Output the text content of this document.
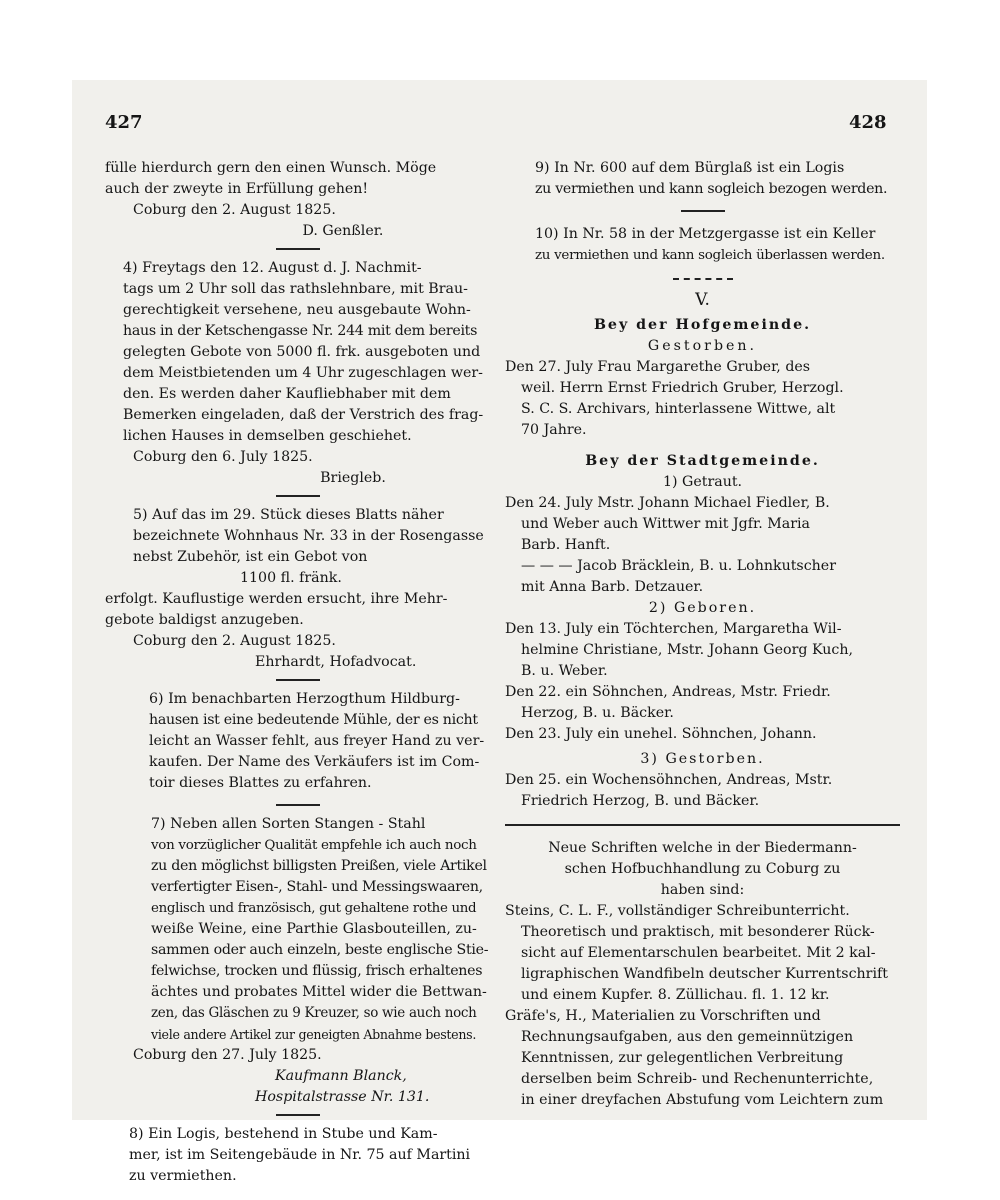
427	428
fülle hierdurch gern den einen Wunsch. Möge
auch der zweyte in Erfüllung gehen!
Coburg den 2. August 1825.
D. Genßler.
4) Freytags den 12. August d. J. Nachmit-
tags um 2 Uhr soll das rathslehnbare, mit Brau-
gerechtigkeit versehene, neu ausgebaute Wohn-
haus in der Ketschengasse Nr. 244 mit dem bereits
gelegten Gebote von 5000 fl. frk. ausgeboten und
dem Meistbietenden um 4 Uhr zugeschlagen wer-
den. Es werden daher Kaufliebhaber mit dem
Bemerken eingeladen, daß der Verstrich des frag-
lichen Hauses in demselben geschiehet.
Coburg den 6. July 1825.
Briegleb.
5) Auf das im 29. Stück dieses Blatts näher
bezeichnete Wohnhaus Nr. 33 in der Rosengasse
nebst Zubehör, ist ein Gebot von
1100 fl. fränk.
erfolgt. Kauflustige werden ersucht, ihre Mehr-
gebote baldigst anzugeben.
Coburg den 2. August 1825.
Ehrhardt, Hofadvocat.
6) Im benachbarten Herzogthum Hildburg-
hausen ist eine bedeutende Mühle, der es nicht
leicht an Wasser fehlt, aus freyer Hand zu ver-
kaufen. Der Name des Verkäufers ist im Com-
toir dieses Blattes zu erfahren.
7) Neben allen Sorten Stangen - Stahl
von vorzüglicher Qualität empfehle ich auch noch
zu den möglichst billigsten Preißen, viele Artikel
verfertigter Eisen-, Stahl- und Messingswaaren,
englisch und französisch, gut gehaltene rothe und
weiße Weine, eine Parthie Glasbouteillen, zu-
sammen oder auch einzeln, beste englische Stie-
felwichse, trocken und flüssig, frisch erhaltenes
ächtes und probates Mittel wider die Bettwan-
zen, das Gläschen zu 9 Kreuzer, so wie auch noch
viele andere Artikel zur geneigten Abnahme bestens.
Coburg den 27. July 1825.
Kaufmann Blanck,
Hospitalstrasse Nr. 131.
8) Ein Logis, bestehend in Stube und Kam-
mer, ist im Seitengebäude in Nr. 75 auf Martini
zu vermiethen.
9) In Nr. 600 auf dem Bürglaß ist ein Logis
zu vermiethen und kann sogleich bezogen werden.
10) In Nr. 58 in der Metzgergasse ist ein Keller
zu vermiethen und kann sogleich überlassen werden.
V.
Bey der Hofgemeinde.
Gestorben.
Den 27. July Frau Margarethe Gruber, des
weil. Herrn Ernst Friedrich Gruber, Herzogl.
S. C. S. Archivars, hinterlassene Wittwe, alt
70 Jahre.
Bey der Stadtgemeinde.
1) Getraut.
Den 24. July Mstr. Johann Michael Fiedler, B.
und Weber auch Wittwer mit Jgfr. Maria
Barb. Hanft.
— — — Jacob Bräcklein, B. u. Lohnkutscher
mit Anna Barb. Detzauer.
2) Geboren.
Den 13. July ein Töchterchen, Margaretha Wil-
helmine Christiane, Mstr. Johann Georg Kuch,
B. u. Weber.
Den 22. ein Söhnchen, Andreas, Mstr. Friedr.
Herzog, B. u. Bäcker.
Den 23. July ein unehel. Söhnchen, Johann.
3) Gestorben.
Den 25. ein Wochensöhnchen, Andreas, Mstr.
Friedrich Herzog, B. und Bäcker.
Neue Schriften welche in der Biedermann-
schen Hofbuchhandlung zu Coburg zu
haben sind:
Steins, C. L. F., vollständiger Schreibunterricht.
Theoretisch und praktisch, mit besonderer Rück-
sicht auf Elementarschulen bearbeitet. Mit 2 kal-
ligraphischen Wandfibeln deutscher Kurrentschrift
und einem Kupfer. 8. Züllichau. fl. 1. 12 kr.
Gräfe's, H., Materialien zu Vorschriften und
Rechnungsaufgaben, aus den gemeinnützigen
Kenntnissen, zur gelegentlichen Verbreitung
derselben beim Schreib- und Rechenunterrichte,
in einer dreyfachen Abstufung vom Leichtern zum
